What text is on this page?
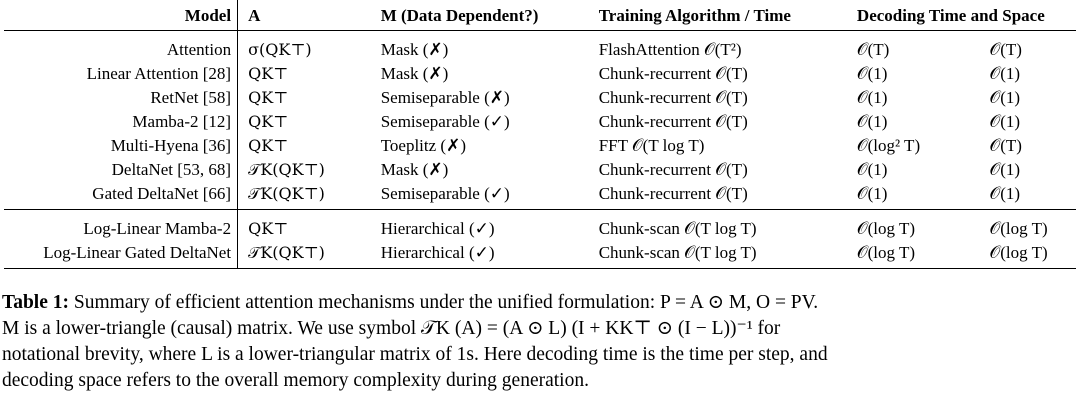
Model	A	M (Data Dependent?)	Training Algorithm / Time	Decoding Time and Space	
Attention	σ(QK⊤)	Mask (✗)	FlashAttention 𝒪(T²)	𝒪(T)	𝒪(T)
Linear Attention [28]	QK⊤	Mask (✗)	Chunk-recurrent 𝒪(T)	𝒪(1)	𝒪(1)
RetNet [58]	QK⊤	Semiseparable (✗)	Chunk-recurrent 𝒪(T)	𝒪(1)	𝒪(1)
Mamba-2 [12]	QK⊤	Semiseparable (✓)	Chunk-recurrent 𝒪(T)	𝒪(1)	𝒪(1)
Multi-Hyena [36]	QK⊤	Toeplitz (✗)	FFT 𝒪(T log T)	𝒪(log² T)	𝒪(T)
DeltaNet [53, 68]	𝒯K(QK⊤)	Mask (✗)	Chunk-recurrent 𝒪(T)	𝒪(1)	𝒪(1)
Gated DeltaNet [66]	𝒯K(QK⊤)	Semiseparable (✓)	Chunk-recurrent 𝒪(T)	𝒪(1)	𝒪(1)
Log-Linear Mamba-2	QK⊤	Hierarchical (✓)	Chunk-scan 𝒪(T log T)	𝒪(log T)	𝒪(log T)
Log-Linear Gated DeltaNet	𝒯K(QK⊤)	Hierarchical (✓)	Chunk-scan 𝒪(T log T)	𝒪(log T)	𝒪(log T)

Table 1: Summary of efficient attention mechanisms under the unified formulation: P = A ⊙ M, O = PV.

M is a lower-triangle (causal) matrix. We use symbol 𝒯K (A) = (A ⊙ L) (I + KK⊤ ⊙ (I − L))⁻¹ for

notational brevity, where L is a lower-triangular matrix of 1s. Here decoding time is the time per step, and

decoding space refers to the overall memory complexity during generation.
